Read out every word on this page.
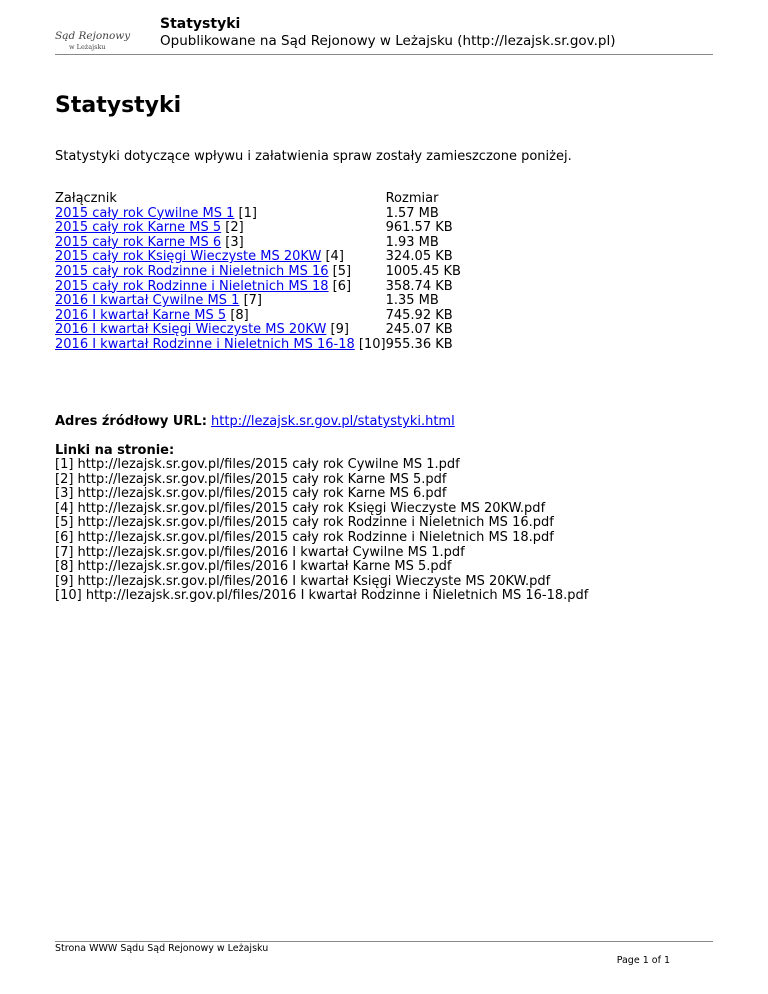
Sąd Rejonowy
w Leżajsku
Statystyki
Opublikowane na Sąd Rejonowy w Leżajsku (http://lezajsk.sr.gov.pl)
Statystyki
Statystyki dotyczące wpływu i załatwienia spraw zostały zamieszczone poniżej.
Załącznik	Rozmiar
2015 cały rok Cywilne MS 1 [1]	1.57 MB
2015 cały rok Karne MS 5 [2]	961.57 KB
2015 cały rok Karne MS 6 [3]	1.93 MB
2015 cały rok Księgi Wieczyste MS 20KW [4]	324.05 KB
2015 cały rok Rodzinne i Nieletnich MS 16 [5]	1005.45 KB
2015 cały rok Rodzinne i Nieletnich MS 18 [6]	358.74 KB
2016 I kwartał Cywilne MS 1 [7]	1.35 MB
2016 I kwartał Karne MS 5 [8]	745.92 KB
2016 I kwartał Księgi Wieczyste MS 20KW [9]	245.07 KB
2016 I kwartał Rodzinne i Nieletnich MS 16-18 [10]	955.36 KB
Adres źródłowy URL: http://lezajsk.sr.gov.pl/statystyki.html
Linki na stronie:
[1] http://lezajsk.sr.gov.pl/files/2015 cały rok Cywilne MS 1.pdf
[2] http://lezajsk.sr.gov.pl/files/2015 cały rok Karne MS 5.pdf
[3] http://lezajsk.sr.gov.pl/files/2015 cały rok Karne MS 6.pdf
[4] http://lezajsk.sr.gov.pl/files/2015 cały rok Księgi Wieczyste MS 20KW.pdf
[5] http://lezajsk.sr.gov.pl/files/2015 cały rok Rodzinne i Nieletnich MS 16.pdf
[6] http://lezajsk.sr.gov.pl/files/2015 cały rok Rodzinne i Nieletnich MS 18.pdf
[7] http://lezajsk.sr.gov.pl/files/2016 I kwartał Cywilne MS 1.pdf
[8] http://lezajsk.sr.gov.pl/files/2016 I kwartał Karne MS 5.pdf
[9] http://lezajsk.sr.gov.pl/files/2016 I kwartał Księgi Wieczyste MS 20KW.pdf
[10] http://lezajsk.sr.gov.pl/files/2016 I kwartał Rodzinne i Nieletnich MS 16-18.pdf
Strona WWW Sądu Sąd Rejonowy w Leżajsku
Page 1 of 1
